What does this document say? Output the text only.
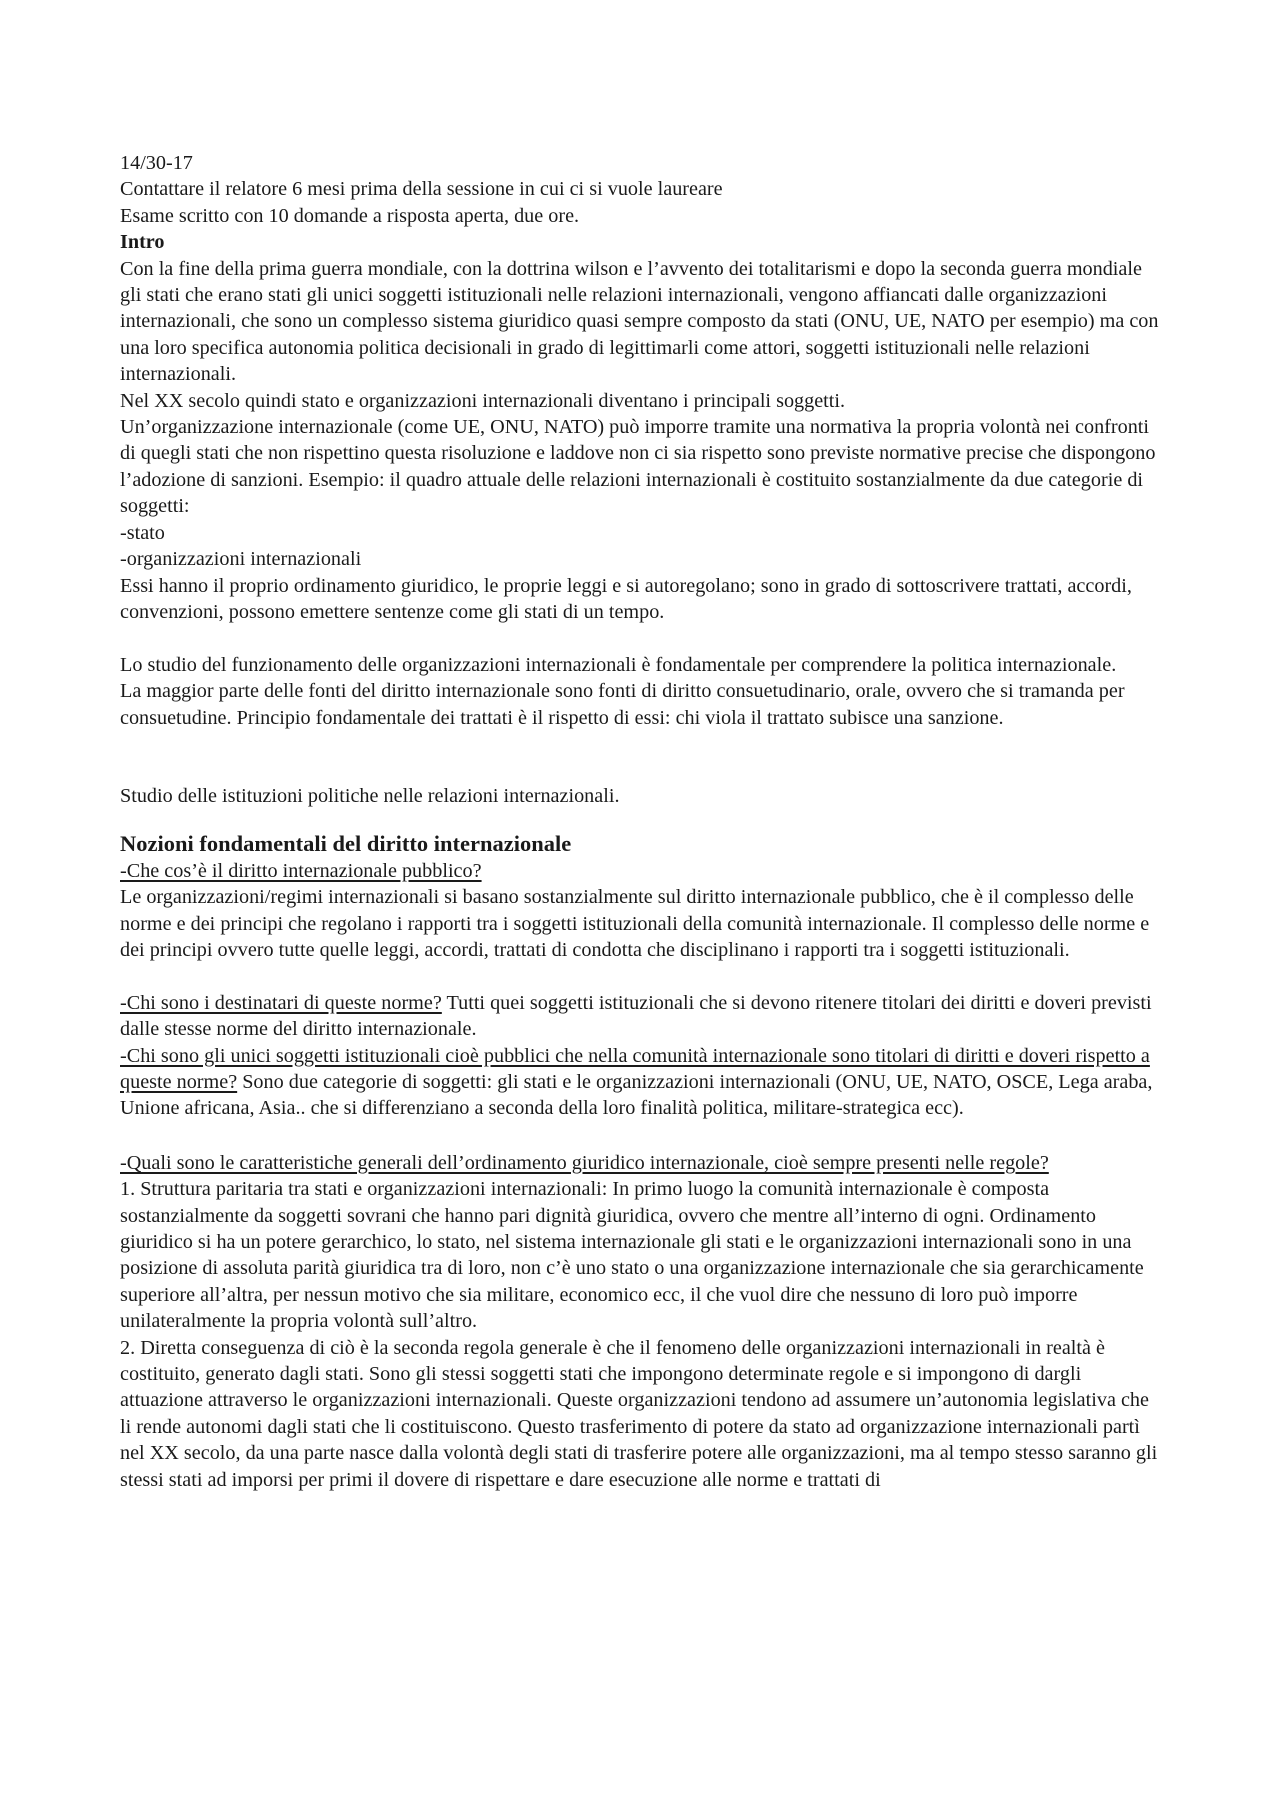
14/30-17

Contattare il relatore 6 mesi prima della sessione in cui ci si vuole laureare

Esame scritto con 10 domande a risposta aperta, due ore.

Intro

Con la fine della prima guerra mondiale, con la dottrina wilson e l’avvento dei totalitarismi e dopo la seconda guerra mondiale gli stati che erano stati gli unici soggetti istituzionali nelle relazioni internazionali, vengono affiancati dalle organizzazioni internazionali, che sono un complesso sistema giuridico quasi sempre composto da stati (ONU, UE, NATO per esempio) ma con una loro specifica autonomia politica decisionali in grado di legittimarli come attori, soggetti istituzionali nelle relazioni internazionali.

Nel XX secolo quindi stato e organizzazioni internazionali diventano i principali soggetti.

Un’organizzazione internazionale (come UE, ONU, NATO) può imporre tramite una normativa la propria volontà nei confronti di quegli stati che non rispettino questa risoluzione e laddove non ci sia rispetto sono previste normative precise che dispongono l’adozione di sanzioni. Esempio: il quadro attuale delle relazioni internazionali è costituito sostanzialmente da due categorie di soggetti:

-stato

-organizzazioni internazionali

Essi hanno il proprio ordinamento giuridico, le proprie leggi e si autoregolano; sono in grado di sottoscrivere trattati, accordi, convenzioni, possono emettere sentenze come gli stati di un tempo.

Lo studio del funzionamento delle organizzazioni internazionali è fondamentale per comprendere la politica internazionale.

La maggior parte delle fonti del diritto internazionale sono fonti di diritto consuetudinario, orale, ovvero che si tramanda per consuetudine. Principio fondamentale dei trattati è il rispetto di essi: chi viola il trattato subisce una sanzione.

Studio delle istituzioni politiche nelle relazioni internazionali.

Nozioni fondamentali del diritto internazionale

-Che cos’è il diritto internazionale pubblico?

Le organizzazioni/regimi internazionali si basano sostanzialmente sul diritto internazionale pubblico, che è il complesso delle norme e dei principi che regolano i rapporti tra i soggetti istituzionali della comunità internazionale. Il complesso delle norme e dei principi ovvero tutte quelle leggi, accordi, trattati di condotta che disciplinano i rapporti tra i soggetti istituzionali.

-Chi sono i destinatari di queste norme? Tutti quei soggetti istituzionali che si devono ritenere titolari dei diritti e doveri previsti dalle stesse norme del diritto internazionale.

-Chi sono gli unici soggetti istituzionali cioè pubblici che nella comunità internazionale sono titolari di diritti e doveri rispetto a queste norme? Sono due categorie di soggetti: gli stati e le organizzazioni internazionali (ONU, UE, NATO, OSCE, Lega araba, Unione africana, Asia.. che si differenziano a seconda della loro finalità politica, militare-strategica ecc).

-Quali sono le caratteristiche generali dell’ordinamento giuridico internazionale, cioè sempre presenti nelle regole?

1. Struttura paritaria tra stati e organizzazioni internazionali: In primo luogo la comunità internazionale è composta sostanzialmente da soggetti sovrani che hanno pari dignità giuridica, ovvero che mentre all’interno di ogni. Ordinamento giuridico si ha un potere gerarchico, lo stato, nel sistema internazionale gli stati e le organizzazioni internazionali sono in una posizione di assoluta parità giuridica tra di loro, non c’è uno stato o una organizzazione internazionale che sia gerarchicamente superiore all’altra, per nessun motivo che sia militare, economico ecc, il che vuol dire che nessuno di loro può imporre unilateralmente la propria volontà sull’altro.

2. Diretta conseguenza di ciò è la seconda regola generale è che il fenomeno delle organizzazioni internazionali in realtà è costituito, generato dagli stati. Sono gli stessi soggetti stati che impongono determinate regole e si impongono di dargli attuazione attraverso le organizzazioni internazionali. Queste organizzazioni tendono ad assumere un’autonomia legislativa che li rende autonomi dagli stati che li costituiscono. Questo trasferimento di potere da stato ad organizzazione internazionali partì nel XX secolo, da una parte nasce dalla volontà degli stati di trasferire potere alle organizzazioni, ma al tempo stesso saranno gli stessi stati ad imporsi per primi il dovere di rispettare e dare esecuzione alle norme e trattati di
